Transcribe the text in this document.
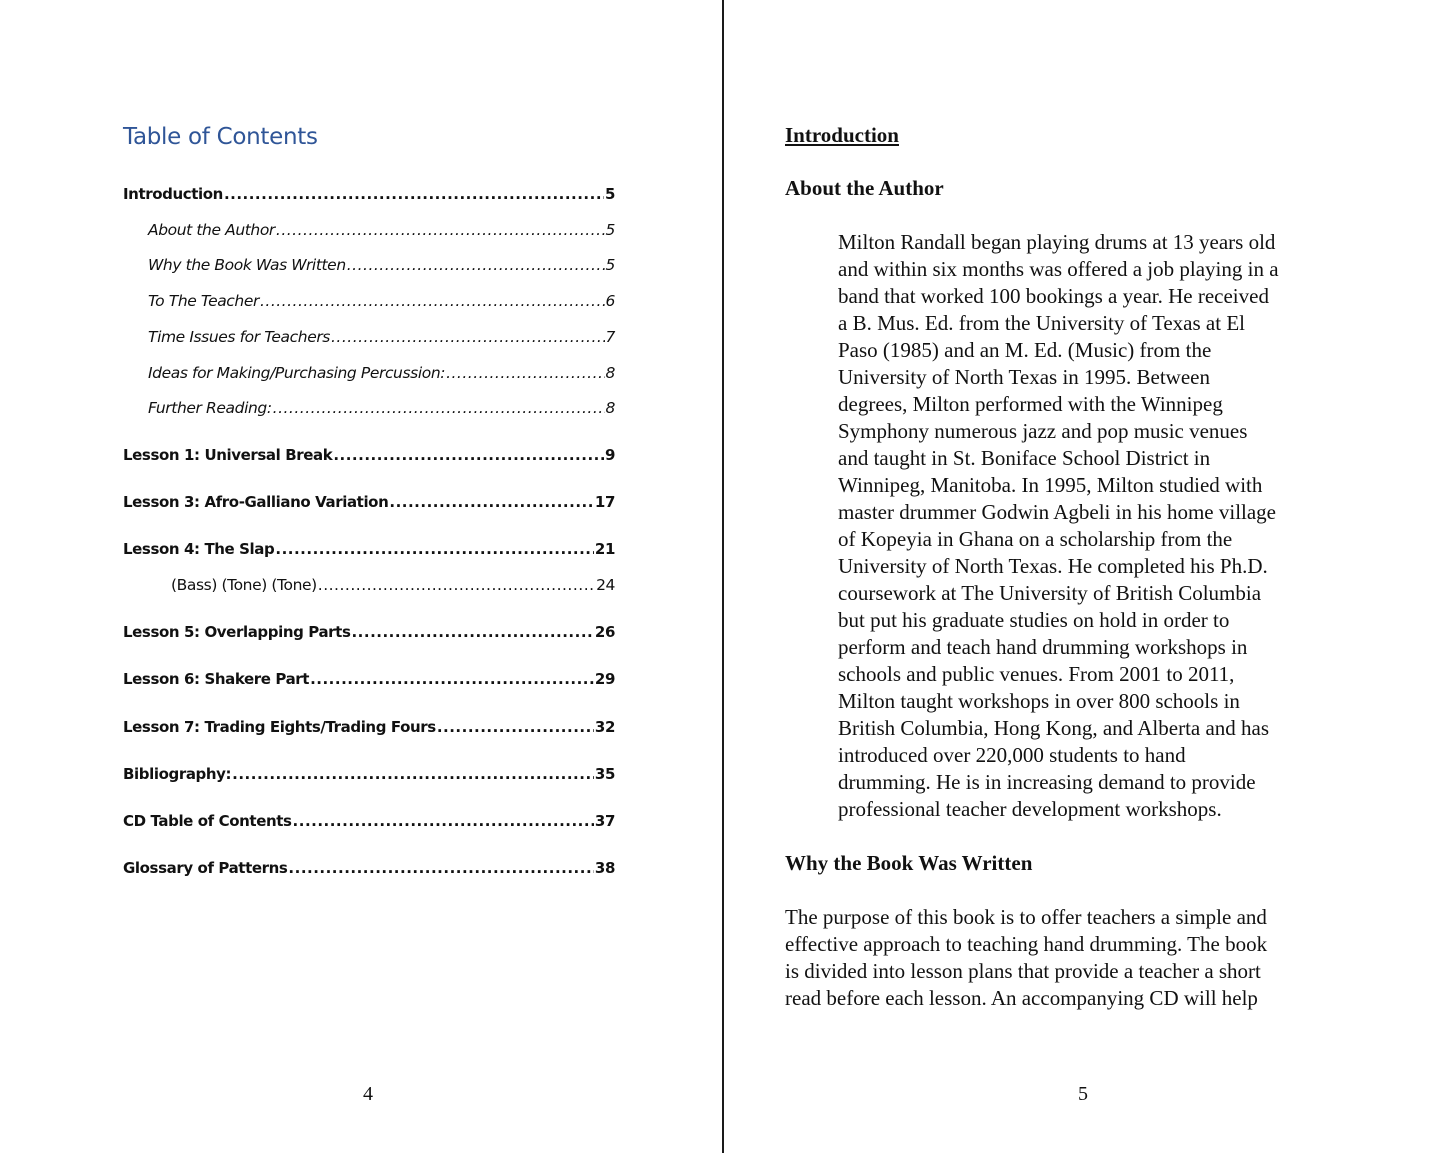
Table of Contents
Introduction .....	5
About the Author .....	5
Why the Book Was Written .....	5
To The Teacher .....	6
Time Issues for Teachers .....	7
Ideas for Making/Purchasing Percussion: .....	8
Further Reading: .....	8
Lesson 1: Universal Break .....	9
Lesson 3: Afro-Galliano Variation .....	17
Lesson 4: The Slap .....	21
(Bass) (Tone) (Tone) .....	24
Lesson 5: Overlapping Parts .....	26
Lesson 6: Shakere Part .....	29
Lesson 7: Trading Eights/Trading Fours .....	32
Bibliography: .....	35
CD Table of Contents .....	37
Glossary of Patterns .....	38
4
Introduction
About the Author
Milton Randall began playing drums at 13 years old
and within six months was offered a job playing in a
band that worked 100 bookings a year. He received
a B. Mus. Ed. from the University of Texas at El
Paso (1985) and an M. Ed. (Music) from the
University of North Texas in 1995. Between
degrees, Milton performed with the Winnipeg
Symphony numerous jazz and pop music venues
and taught in St. Boniface School District in
Winnipeg, Manitoba. In 1995, Milton studied with
master drummer Godwin Agbeli in his home village
of Kopeyia in Ghana on a scholarship from the
University of North Texas. He completed his Ph.D.
coursework at The University of British Columbia
but put his graduate studies on hold in order to
perform and teach hand drumming workshops in
schools and public venues. From 2001 to 2011,
Milton taught workshops in over 800 schools in
British Columbia, Hong Kong, and Alberta and has
introduced over 220,000 students to hand
drumming. He is in increasing demand to provide
professional teacher development workshops.
Why the Book Was Written
The purpose of this book is to offer teachers a simple and
effective approach to teaching hand drumming. The book
is divided into lesson plans that provide a teacher a short
read before each lesson. An accompanying CD will help
5
